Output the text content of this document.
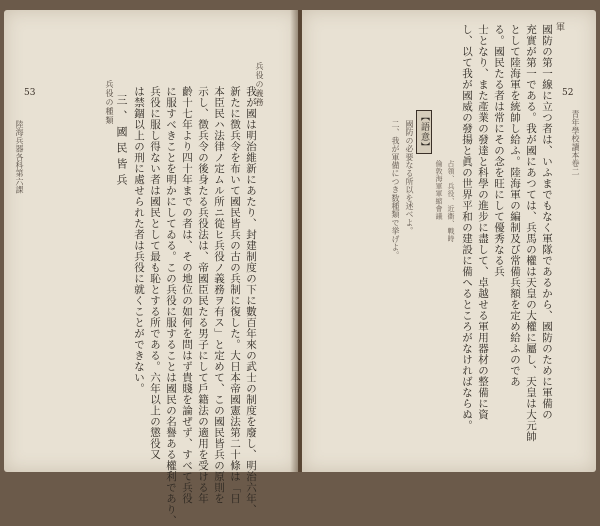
53
陸海兵器各科第六課
兵役の種類	兵役の義務
我が國は明治維新にあたり、封建制度の下に數百年來の武士の制度を廢し、明治六年、
新たに徴兵令を布いて國民皆兵の古の兵制に復した。大日本帝國憲法第二十條は「日
本臣民ハ法律ノ定ムル所ニ從ヒ兵役ノ義務ヲ有ス」と定めて、この國民皆兵の原則を
示し、徴兵令の後身たる兵役法は、帝國臣民たる男子にして戶籍法の適用を受ける年
齡十七年より四十年までの者は、その地位の如何を問はず貴賤を論ぜず、すべて兵役
に服すべきことを明かにしてゐる。この兵役に服することは國民の名譽ある權利であり、
兵役に服し得ない者は國民として最も恥とする所である。六年以上の懲役又
は禁錮以上の刑に處せられた者は兵役に就くことができない。
三、國民皆兵
軍
52
青年學校讀本卷二
國防の第一線に立つ者は、いふまでもなく軍隊であるから、國防のために軍備の
充實が第一である。我が國にあつては、兵馬の權は天皇の大權に屬し、天皇は大元帥
として陸海軍を統帥し給ふ。陸海軍の編制及び常備兵額を定め給ふのであ
る。國民たる者は常にその念を旺にして優秀なる兵
士となり、また產業の發達と科學の進步に盡して、卓越せる軍用器材の整備に資
し、以て我が國威の發揚と眞の世界平和の建設に備へるところがなければならぬ。
占領、兵役、近衞、戰時
倫敦海軍軍縮會議
【語意】
國防の必要なる所以を述べよ。
二、我が軍備につき数種類で挙げよ。
